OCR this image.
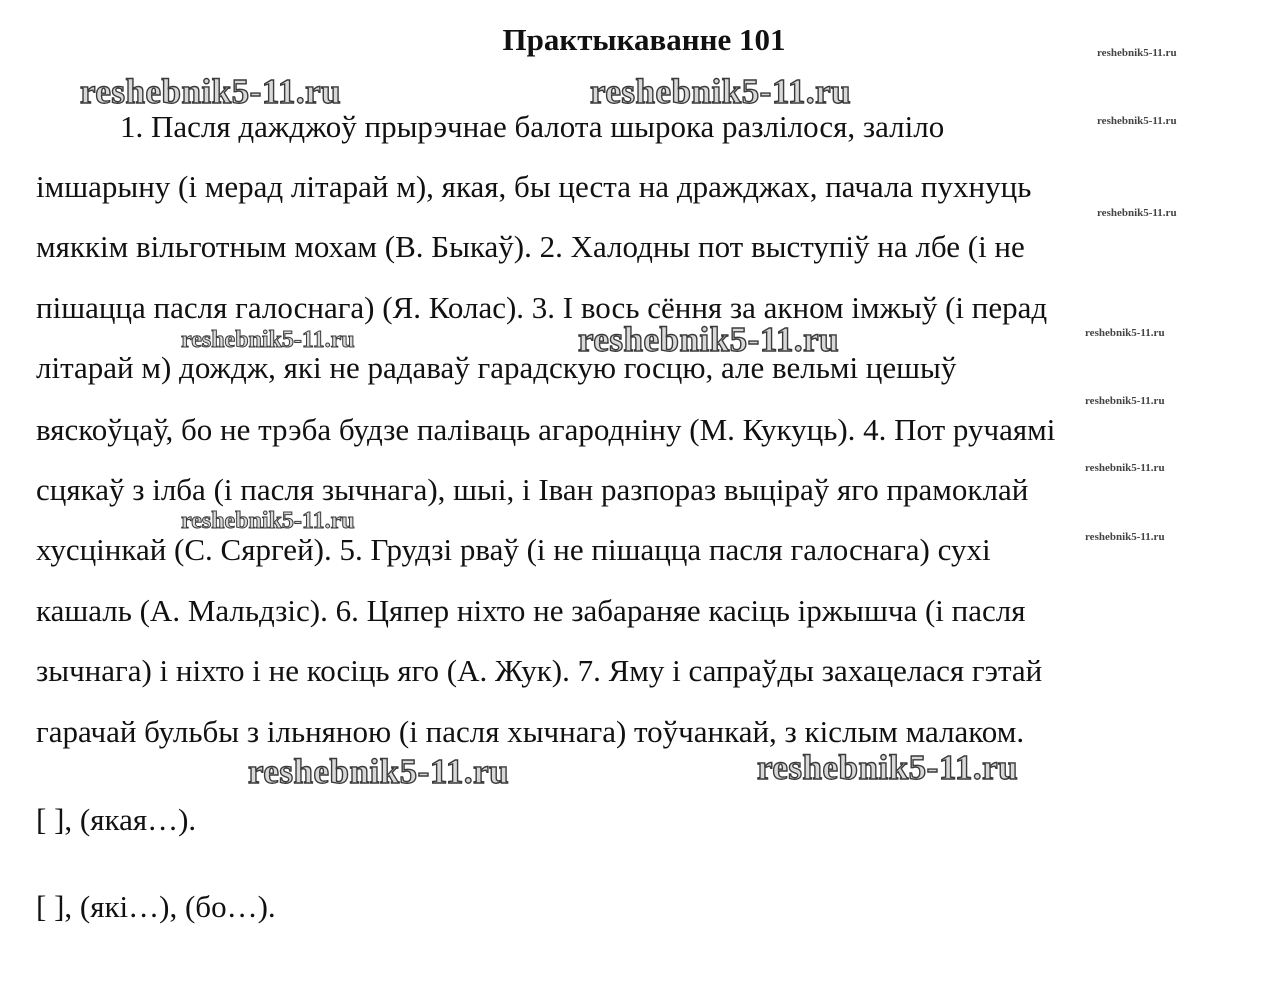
Практыкаванне 101
1. Пасля дажджоў прырэчнае балота шырока разлілося, заліло
імшарыну (і мерад літарай м), якая, бы цеста на дражджах, пачала пухнуць
мяккім вільготным мохам (В. Быкаў). 2. Халодны пот выступіў на лбе (і не
пішацца пасля галоснага) (Я. Колас). 3. І вось сёння за акном імжыў (і перад
літарай м) дождж, які не радаваў гарадскую госцю, але вельмі цешыў
вяскоўцаў, бо не трэба будзе паліваць агародніну (М. Кукуць). 4. Пот ручаямі
сцякаў з ілба (і пасля зычнага), шыі, і Іван разпораз выціраў яго прамоклай
хусцінкай (С. Сяргей). 5. Грудзі рваў (і не пішацца пасля галоснага) сухі
кашаль (А. Мальдзіс). 6. Цяпер ніхто не забараняе касіць іржышча (і пасля
зычнага) і ніхто і не косіць яго (А. Жук). 7. Яму і сапраўды захацелася гэтай
гарачай бульбы з ільняною (і пасля хычнага) тоўчанкай, з кіслым малаком.
[ ], (якая…).
[ ], (які…), (бо…).
reshebnik5-11.ru	reshebnik5-11.ru
reshebnik5-11.ru
reshebnik5-11.ru	reshebnik5-11.ru
reshebnik5-11.ru
reshebnik5-11.ru
reshebnik5-11.ru
reshebnik5-11.ru
reshebnik5-11.ru
reshebnik5-11.ru
reshebnik5-11.ru
reshebnik5-11.ru
reshebnik5-11.ru
